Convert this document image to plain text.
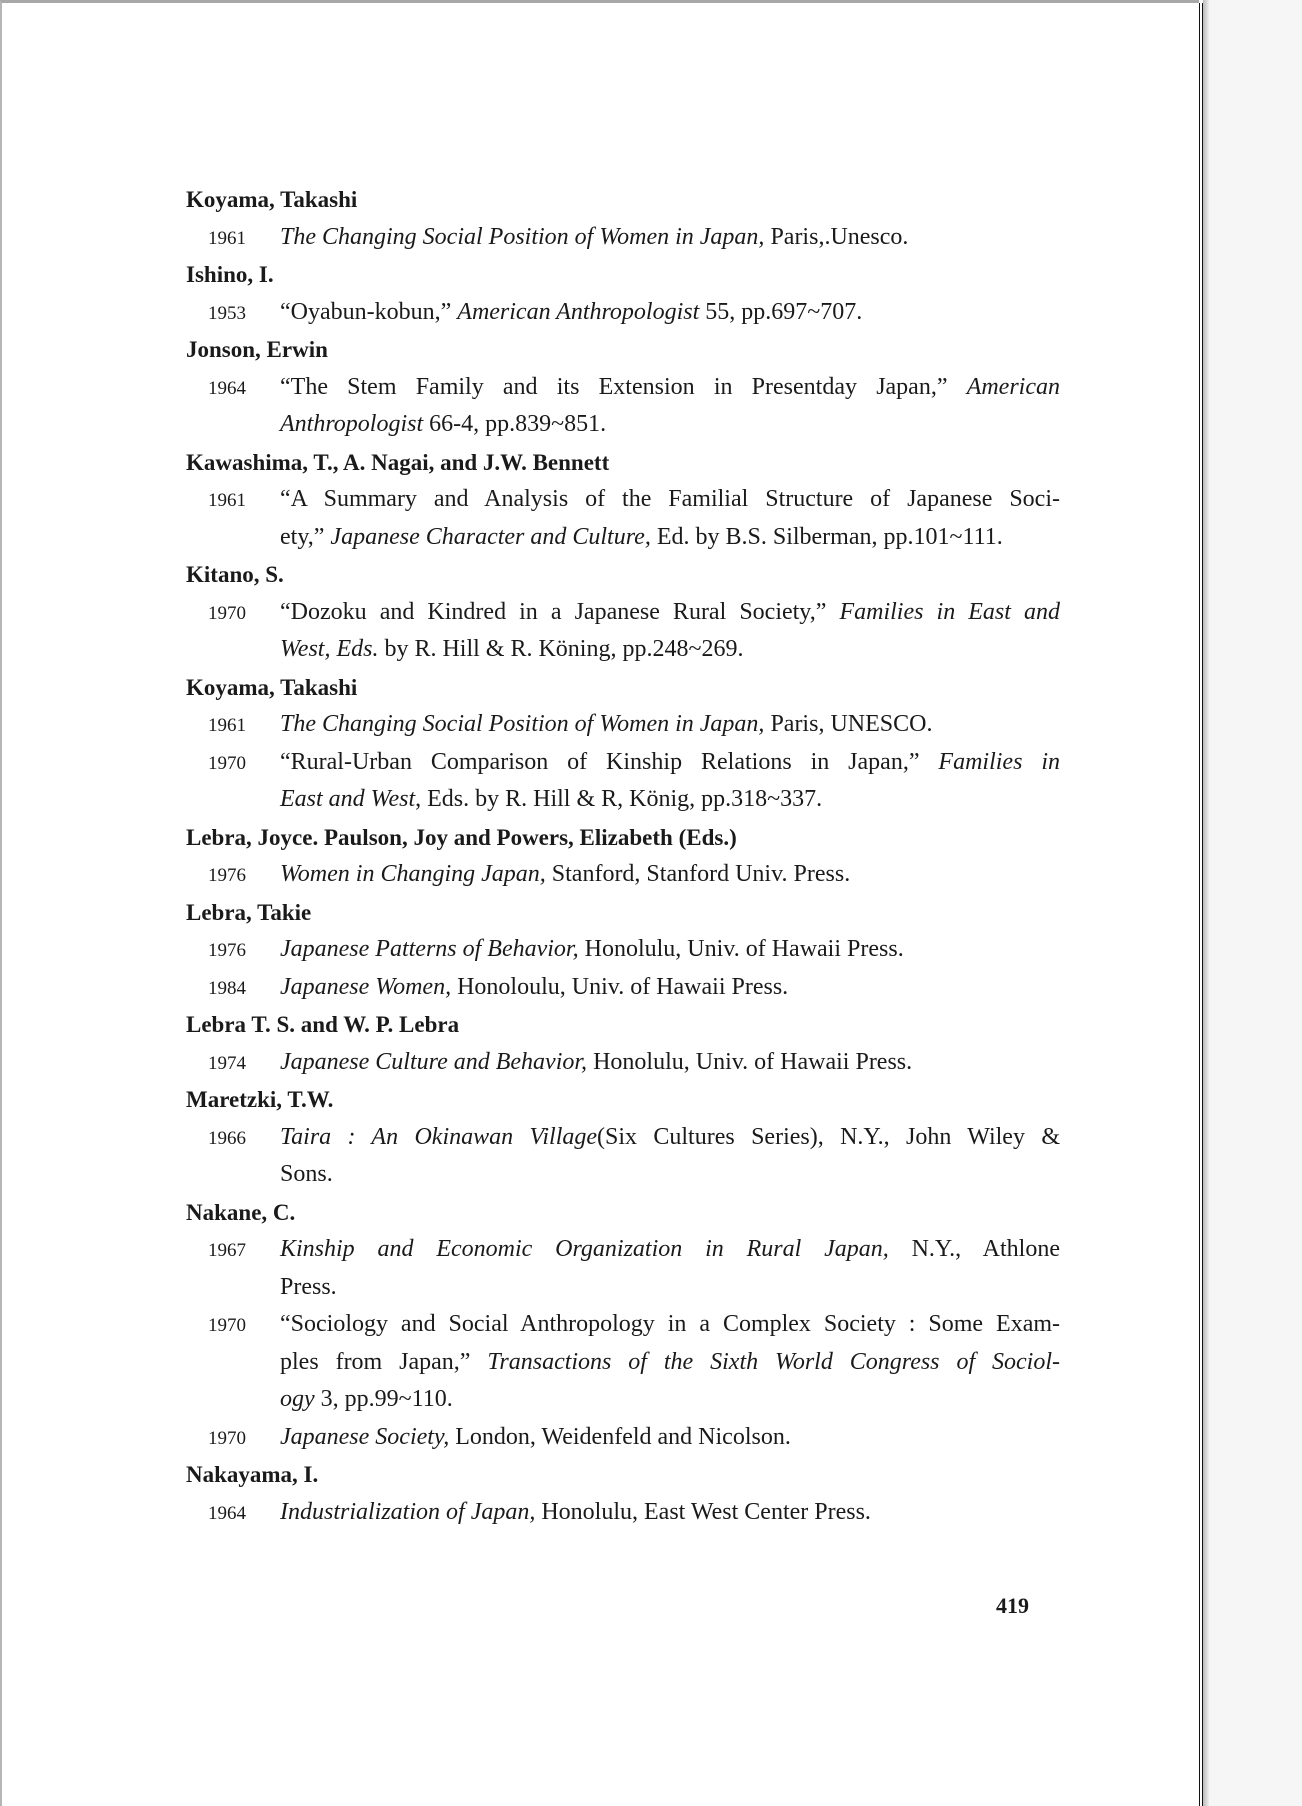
Koyama, Takashi
1961 The Changing Social Position of Women in Japan, Paris,.Unesco.
Ishino, I.
1953 “Oyabun-kobun,” American Anthropologist 55, pp.697~707.
Jonson, Erwin
1964 “The Stem Family and its Extension in Presentday Japan,” American
Anthropologist 66-4, pp.839~851.
Kawashima, T., A. Nagai, and J.W. Bennett
1961 “A Summary and Analysis of the Familial Structure of Japanese Soci-
ety,” Japanese Character and Culture, Ed. by B.S. Silberman, pp.101~111.
Kitano, S.
1970 “Dozoku and Kindred in a Japanese Rural Society,” Families in East and
West, Eds. by R. Hill & R. Köning, pp.248~269.
Koyama, Takashi
1961 The Changing Social Position of Women in Japan, Paris, UNESCO.
1970 “Rural-Urban Comparison of Kinship Relations in Japan,” Families in
East and West, Eds. by R. Hill & R, König, pp.318~337.
Lebra, Joyce. Paulson, Joy and Powers, Elizabeth (Eds.)
1976 Women in Changing Japan, Stanford, Stanford Univ. Press.
Lebra, Takie
1976 Japanese Patterns of Behavior, Honolulu, Univ. of Hawaii Press.
1984 Japanese Women, Honoloulu, Univ. of Hawaii Press.
Lebra T. S. and W. P. Lebra
1974 Japanese Culture and Behavior, Honolulu, Univ. of Hawaii Press.
Maretzki, T.W.
1966 Taira : An Okinawan Village(Six Cultures Series), N.Y., John Wiley &
Sons.
Nakane, C.
1967 Kinship and Economic Organization in Rural Japan, N.Y., Athlone
Press.
1970 “Sociology and Social Anthropology in a Complex Society : Some Exam-
ples from Japan,” Transactions of the Sixth World Congress of Sociol-
ogy 3, pp.99~110.
1970 Japanese Society, London, Weidenfeld and Nicolson.
Nakayama, I.
1964 Industrialization of Japan, Honolulu, East West Center Press.
419
